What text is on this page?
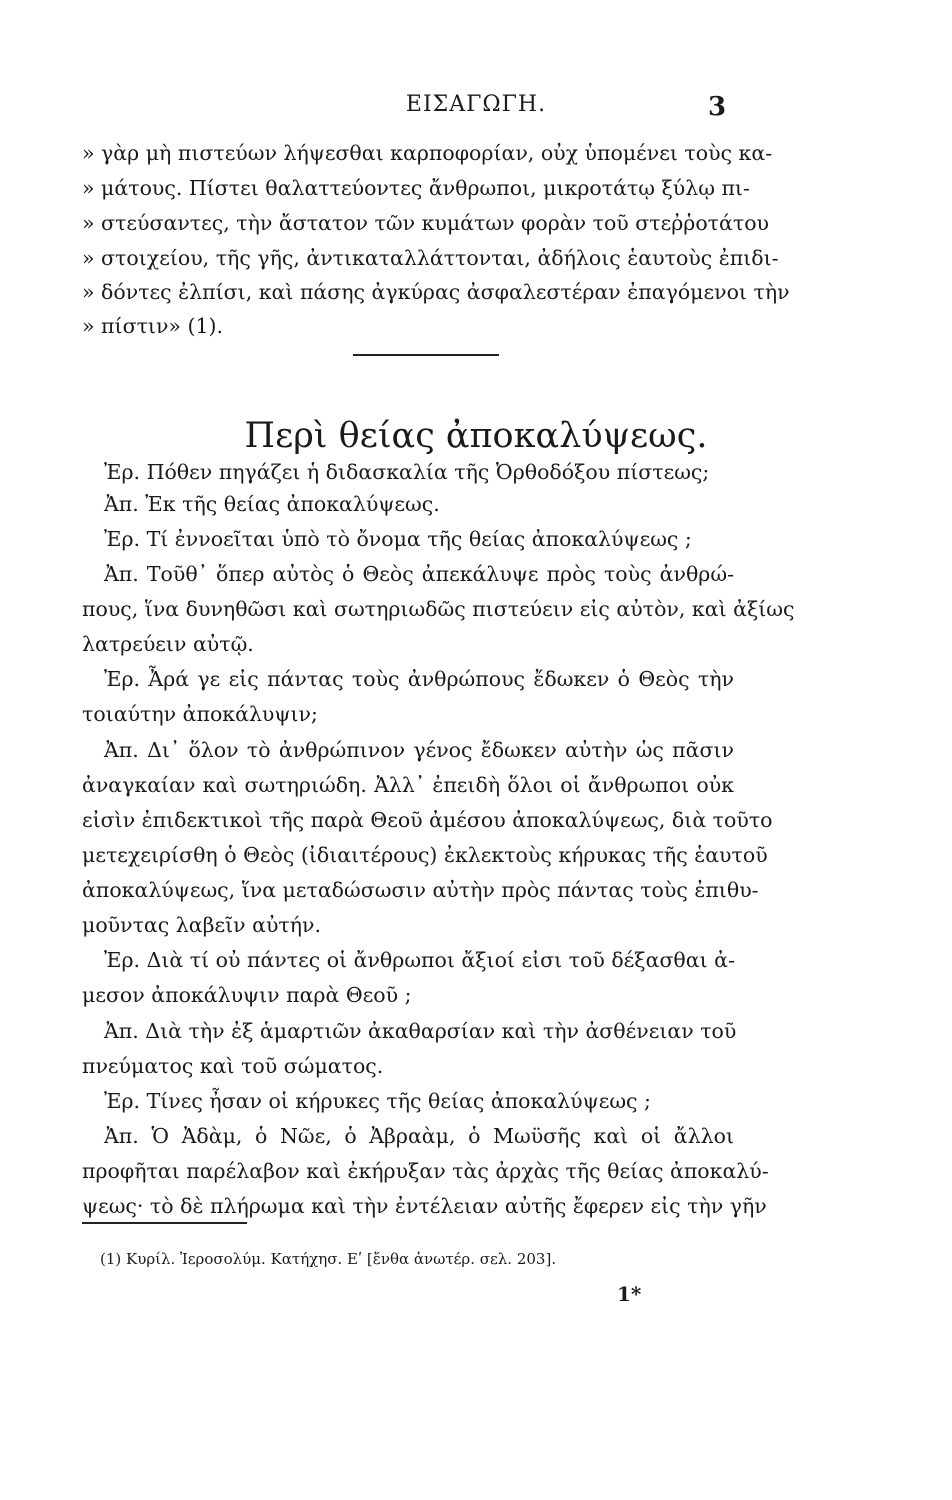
ΕΙΣΑΓΩΓΗ.	3
» γὰρ μὴ πιστεύων λήψεσθαι καρποφορίαν, οὐχ ὑπομένει τοὺς κα-
» μάτους. Πίστει θαλαττεύοντες ἄνθρωποι, μικροτάτῳ ξύλῳ πι-
» στεύσαντες, τὴν ἄστατον τῶν κυμάτων φορὰν τοῦ στεῤῥοτάτου
» στοιχείου, τῆς γῆς, ἀντικαταλλάττονται, ἀδήλοις ἑαυτοὺς ἐπιδι-
» δόντες ἐλπίσι, καὶ πάσης ἀγκύρας ἀσφαλεστέραν ἐπαγόμενοι τὴν
» πίστιν» (1).
Περὶ θείας ἀποκαλύψεως.
Ἐρ. Πόθεν πηγάζει ἡ διδασκαλία τῆς Ὀρθοδόξου πίστεως;
Ἀπ. Ἐκ τῆς θείας ἀποκαλύψεως.
Ἐρ. Τί ἐννοεῖται ὑπὸ τὸ ὄνομα τῆς θείας ἀποκαλύψεως ;
Ἀπ. Τοῦθ᾽ ὅπερ αὐτὸς ὁ Θεὸς ἀπεκάλυψε πρὸς τοὺς ἀνθρώ-
πους, ἵνα δυνηθῶσι καὶ σωτηριωδῶς πιστεύειν εἰς αὐτὸν, καὶ ἀξίως
λατρεύειν αὐτῷ.
Ἐρ. Ἆρά γε εἰς πάντας τοὺς ἀνθρώπους ἔδωκεν ὁ Θεὸς τὴν
τοιαύτην ἀποκάλυψιν;
Ἀπ. Δι᾽ ὅλον τὸ ἀνθρώπινον γένος ἔδωκεν αὐτὴν ὡς πᾶσιν
ἀναγκαίαν καὶ σωτηριώδη. Ἀλλ᾽ ἐπειδὴ ὅλοι οἱ ἄνθρωποι οὐκ
εἰσὶν ἐπιδεκτικοὶ τῆς παρὰ Θεοῦ ἀμέσου ἀποκαλύψεως, διὰ τοῦτο
μετεχειρίσθη ὁ Θεὸς (ἰδιαιτέρους) ἐκλεκτοὺς κήρυκας τῆς ἑαυτοῦ
ἀποκαλύψεως, ἵνα μεταδώσωσιν αὐτὴν πρὸς πάντας τοὺς ἐπιθυ-
μοῦντας λαβεῖν αὐτήν.
Ἐρ. Διὰ τί οὐ πάντες οἱ ἄνθρωποι ἄξιοί εἰσι τοῦ δέξασθαι ἀ-
μεσον ἀποκάλυψιν παρὰ Θεοῦ ;
Ἀπ. Διὰ τὴν ἐξ ἁμαρτιῶν ἀκαθαρσίαν καὶ τὴν ἀσθένειαν τοῦ
πνεύματος καὶ τοῦ σώματος.
Ἐρ. Τίνες ἦσαν οἱ κήρυκες τῆς θείας ἀποκαλύψεως ;
Ἀπ. Ὁ Ἀδὰμ, ὁ Νῶε, ὁ Ἀβραὰμ, ὁ Μωϋσῆς καὶ οἱ ἄλλοι
προφῆται παρέλαβον καὶ ἐκήρυξαν τὰς ἀρχὰς τῆς θείας ἀποκαλύ-
ψεως· τὸ δὲ πλήρωμα καὶ τὴν ἐντέλειαν αὐτῆς ἔφερεν εἰς τὴν γῆν
(1) Κυρίλ. Ἱεροσολύμ. Κατήχησ. Εʹ [ἔνθα ἀνωτέρ. σελ. 203].
1*
